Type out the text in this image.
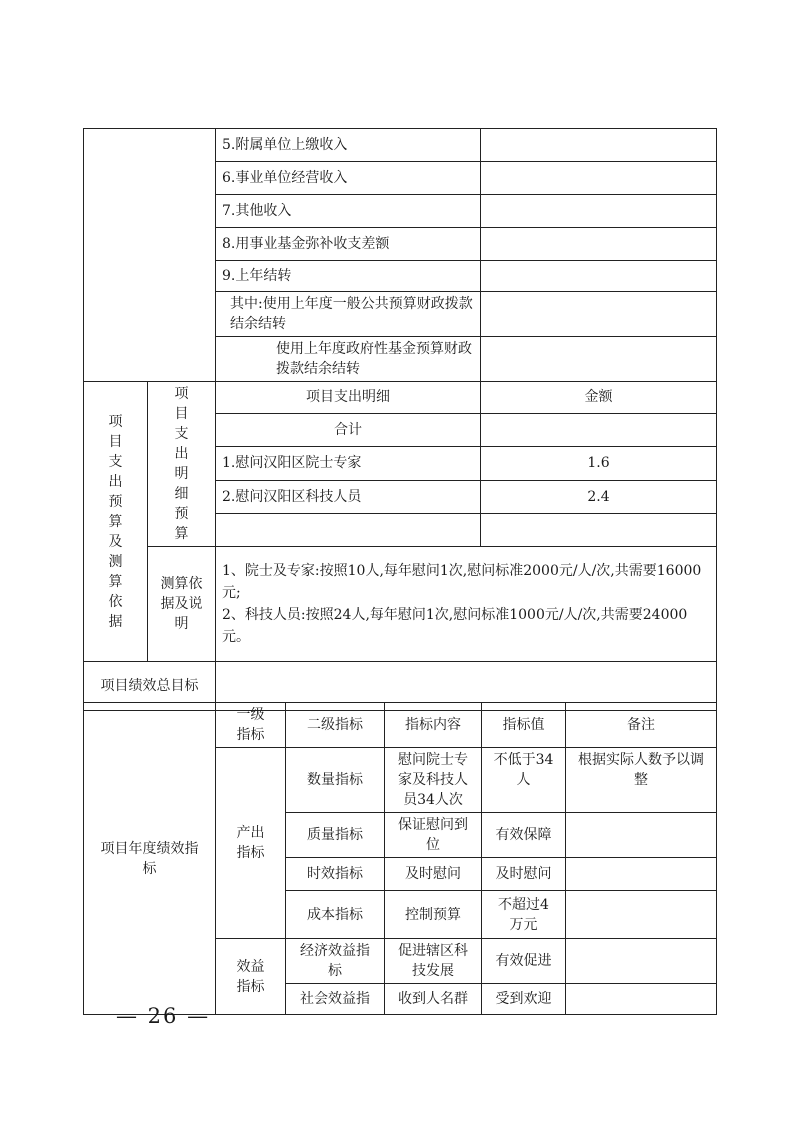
		5.附属单位上缴收入	
		6.事业单位经营收入	
		7.其他收入	
		8.用事业基金弥补收支差额	
		9.上年结转	
		其中:使用上年度一般公共预算财政拨款结余结转	
		使用上年度政府性基金预算财政拨款结余结转	
项目支出预算及测算依据	项目支出明细预算	项目支出明细	金额
		合计	
		1.慰问汉阳区院士专家	1.6
		2.慰问汉阳区科技人员	2.4

	测算依据及说明	1、院士及专家:按照10人,每年慰问1次,慰问标准2000元/人/次,共需要16000元;
2、科技人员:按照24人,每年慰问1次,慰问标准1000元/人/次,共需要24000元。	

项目绩效总目标			
项目年度绩效指标	一级指标	二级指标	指标内容	指标值	备注

	产出指标	数量指标	慰问院士专家及科技人员34人次	不低于34人	根据实际人数予以调整

		质量指标	保证慰问到位	有效保障	
		时效指标	及时慰问	及时慰问	
		成本指标	控制预算	不超过4万元	

	效益指标	经济效益指标	促进辖区科技发展	有效促进	
		社会效益指	收到人名群	受到欢迎	
— 26 —
